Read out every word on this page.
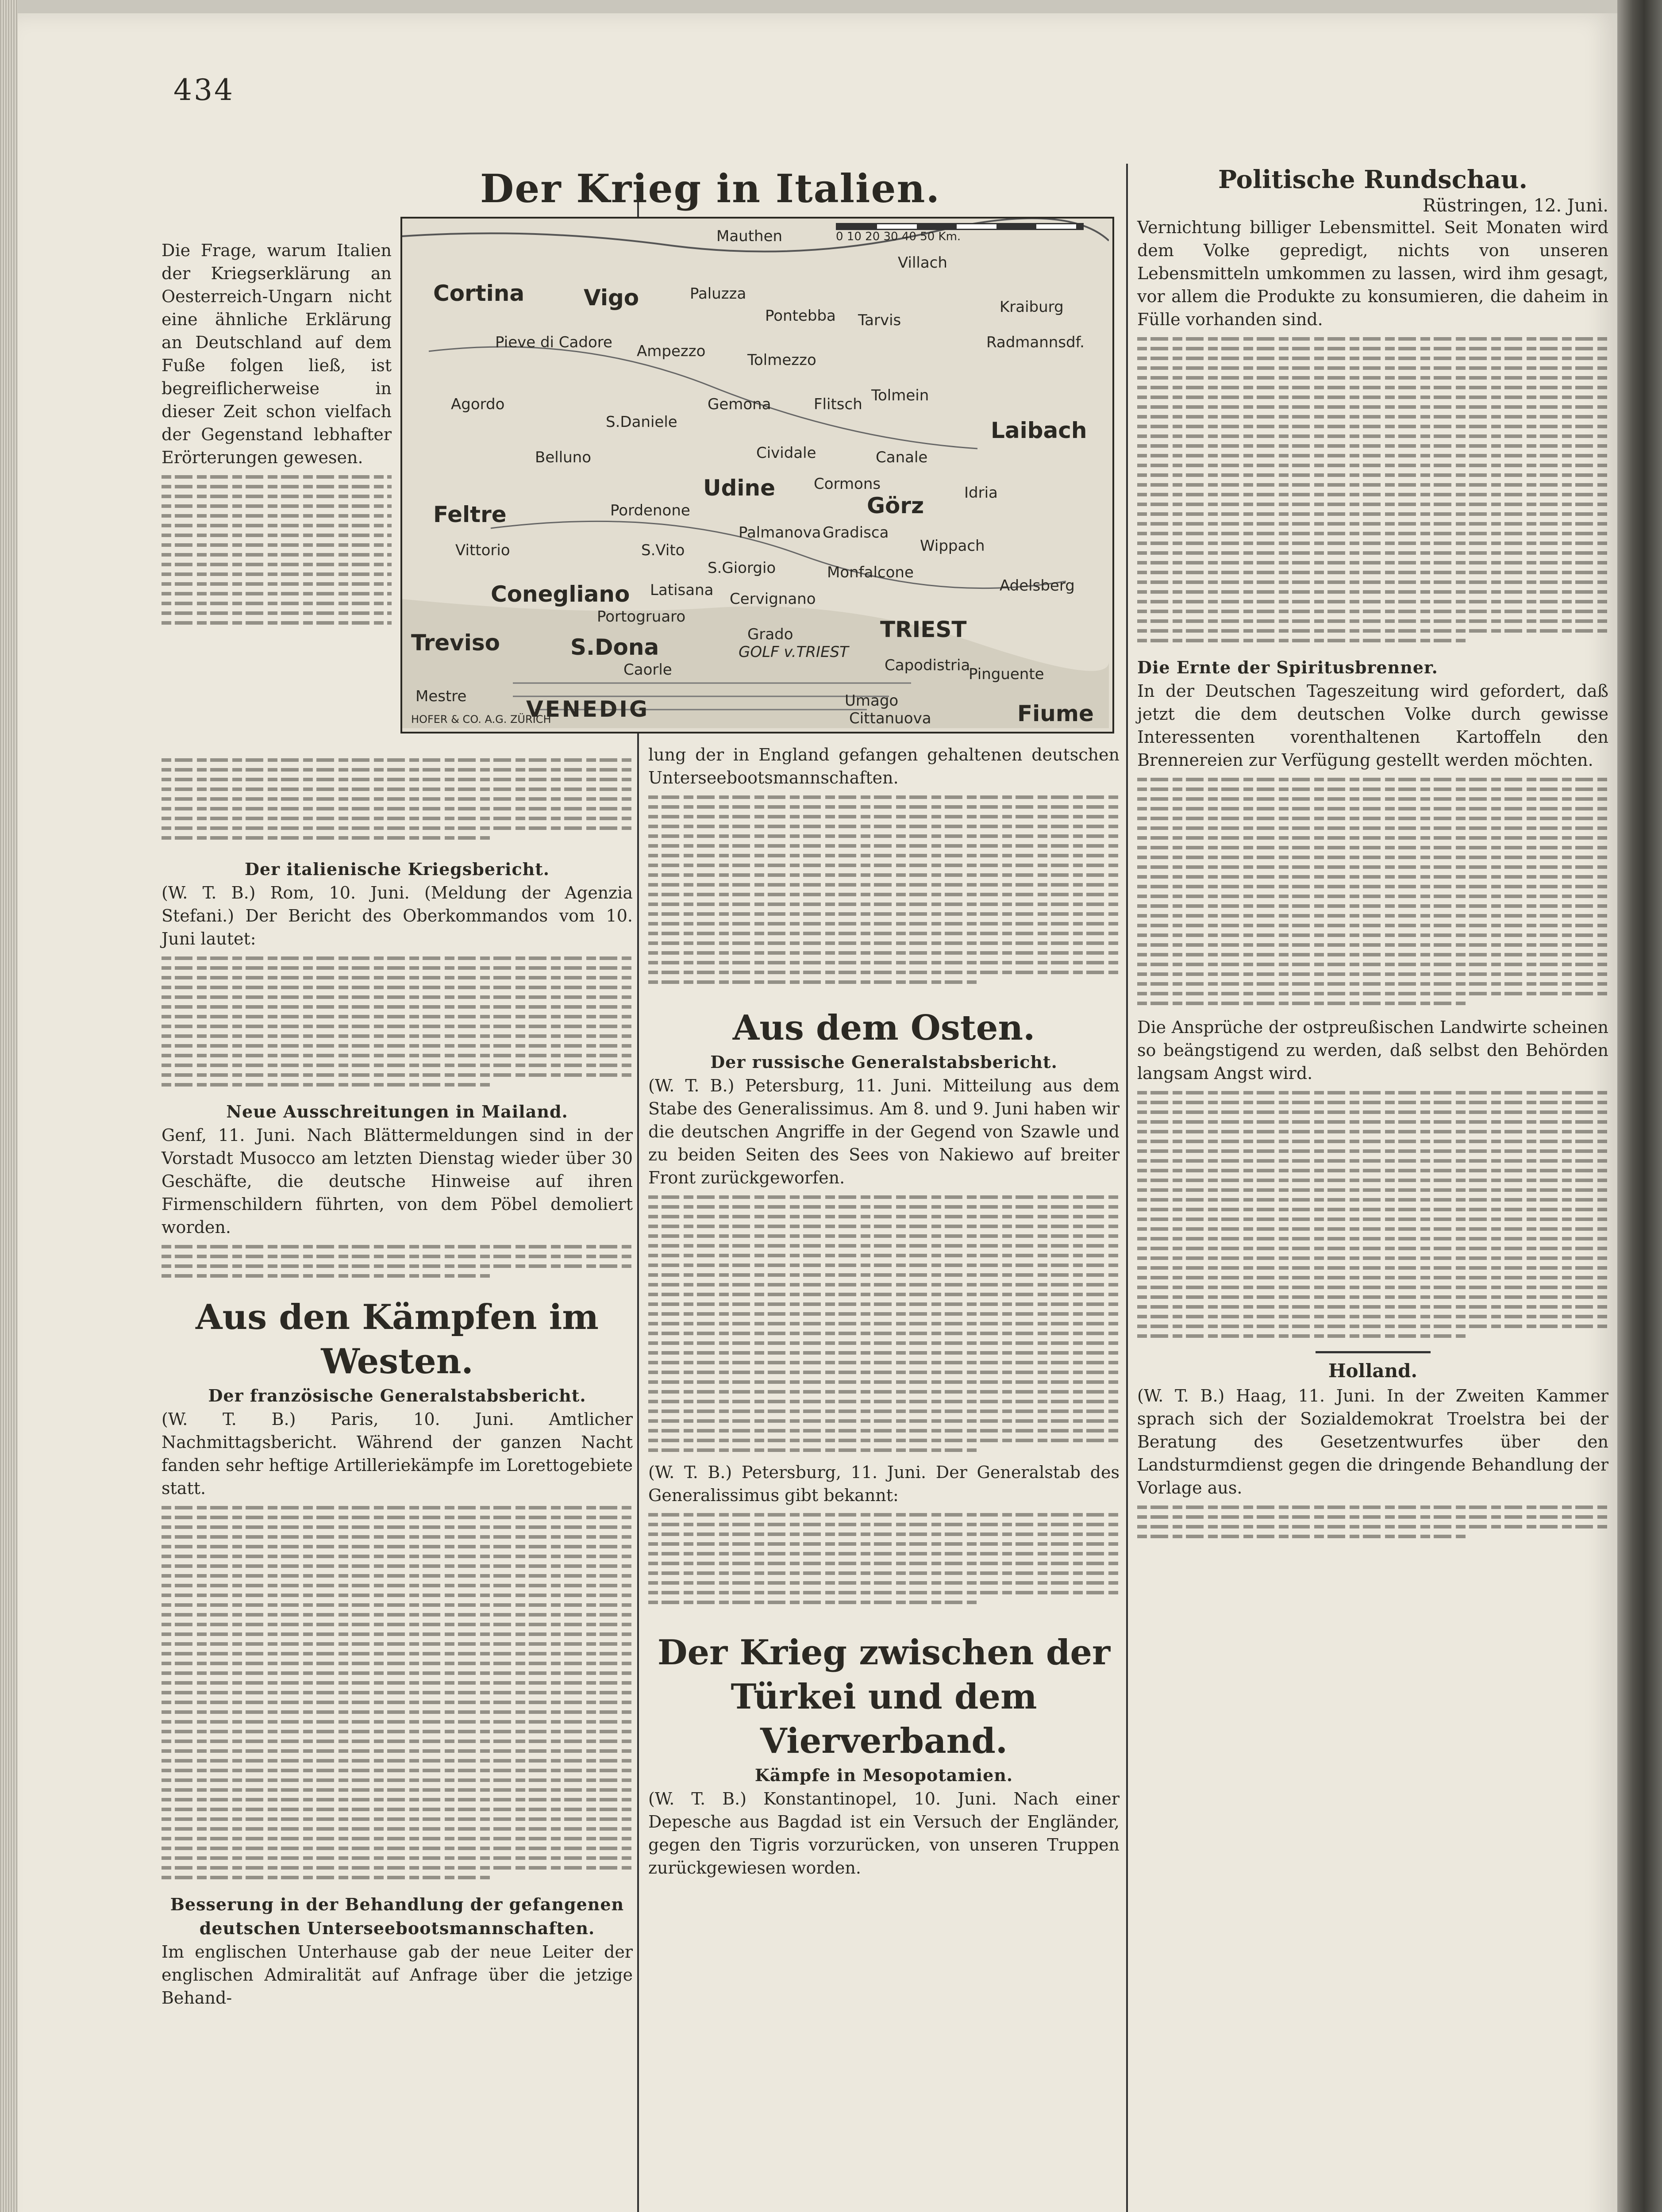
434
Der Krieg in Italien.
0 10 20 30 40 50 Km.
Mauthen
Villach
Cortina	Vigo	Paluzza
Tarvis
Pieve di Cadore Ampezzo	Tolmezzo
Pontebba
Radmannsdf.
Agordo	Gemona	Flitsch
Kraiburg
S.Daniele
Cividale
Tolmein
Laibach
Belluno
Udine
Canale
Feltre	Pordenone
Cormons
Görz	Idria
Vittorio	S.Vito
Palmanova Gradisca
Wippach
Conegliano
S.Giorgio	Monfalcone
Adelsberg
Latisana Cervignano
Treviso	S.Dona
Portogruaro	TRIEST
Grado
Mestre
Caorle	Capodistria
Umago
Pinguente
VENEDIG	Cittanuova	Fiume
GOLF v.TRIEST
HOFER & CO. A.G. ZÜRICH

Die Frage, warum Italien der Kriegserklärung an Oesterreich-Ungarn nicht eine ähnliche Erklärung an Deutschland auf dem Fuße folgen ließ, ist begreiflicherweise in dieser Zeit schon vielfach der Gegenstand lebhafter Erörterungen gewesen.

Der italienische Kriegsbericht.

(W. T. B.) Rom, 10. Juni. (Meldung der Agenzia Stefani.) Der Bericht des Oberkommandos vom 10. Juni lautet:

Neue Ausschreitungen in Mailand.

Genf, 11. Juni. Nach Blättermeldungen sind in der Vorstadt Musocco am letzten Dienstag wieder über 30 Geschäfte, die deutsche Hinweise auf ihren Firmenschildern führten, von dem Pöbel demoliert worden.

Aus den Kämpfen im Westen.
Der französische Generalstabsbericht.

(W. T. B.) Paris, 10. Juni. Amtlicher Nachmittagsbericht. Während der ganzen Nacht fanden sehr heftige Artilleriekämpfe im Lorettogebiete statt.

Besserung in der Behandlung der gefangenen deutschen Unterseebootsmannschaften.

Im englischen Unterhause gab der neue Leiter der englischen Admiralität auf Anfrage über die jetzige Behand-

lung der in England gefangen gehaltenen deutschen Unterseebootsmannschaften.

Aus dem Osten.
Der russische Generalstabsbericht.

(W. T. B.) Petersburg, 11. Juni. Mitteilung aus dem Stabe des Generalissimus. Am 8. und 9. Juni haben wir die deutschen Angriffe in der Gegend von Szawle und zu beiden Seiten des Sees von Nakiewo auf breiter Front zurückgeworfen.

(W. T. B.) Petersburg, 11. Juni. Der Generalstab des Generalissimus gibt bekannt:

Der Krieg zwischen der Türkei und dem Vierverband.
Kämpfe in Mesopotamien.

(W. T. B.) Konstantinopel, 10. Juni. Nach einer Depesche aus Bagdad ist ein Versuch der Engländer, gegen den Tigris vorzurücken, von unseren Truppen zurückgewiesen worden.

Politische Rundschau.
Rüstringen, 12. Juni.

Vernichtung billiger Lebensmittel. Seit Monaten wird dem Volke gepredigt, nichts von unseren Lebensmitteln umkommen zu lassen, wird ihm gesagt, vor allem die Produkte zu konsumieren, die daheim in Fülle vorhanden sind.

Die Ernte der Spiritusbrenner.

In der Deutschen Tageszeitung wird gefordert, daß jetzt die dem deutschen Volke durch gewisse Interessenten vorenthaltenen Kartoffeln den Brennereien zur Verfügung gestellt werden möchten.

Die Ansprüche der ostpreußischen Landwirte scheinen so beängstigend zu werden, daß selbst den Behörden langsam Angst wird.

Holland.

(W. T. B.) Haag, 11. Juni. In der Zweiten Kammer sprach sich der Sozialdemokrat Troelstra bei der Beratung des Gesetzentwurfes über den Landsturmdienst gegen die dringende Behandlung der Vorlage aus.
